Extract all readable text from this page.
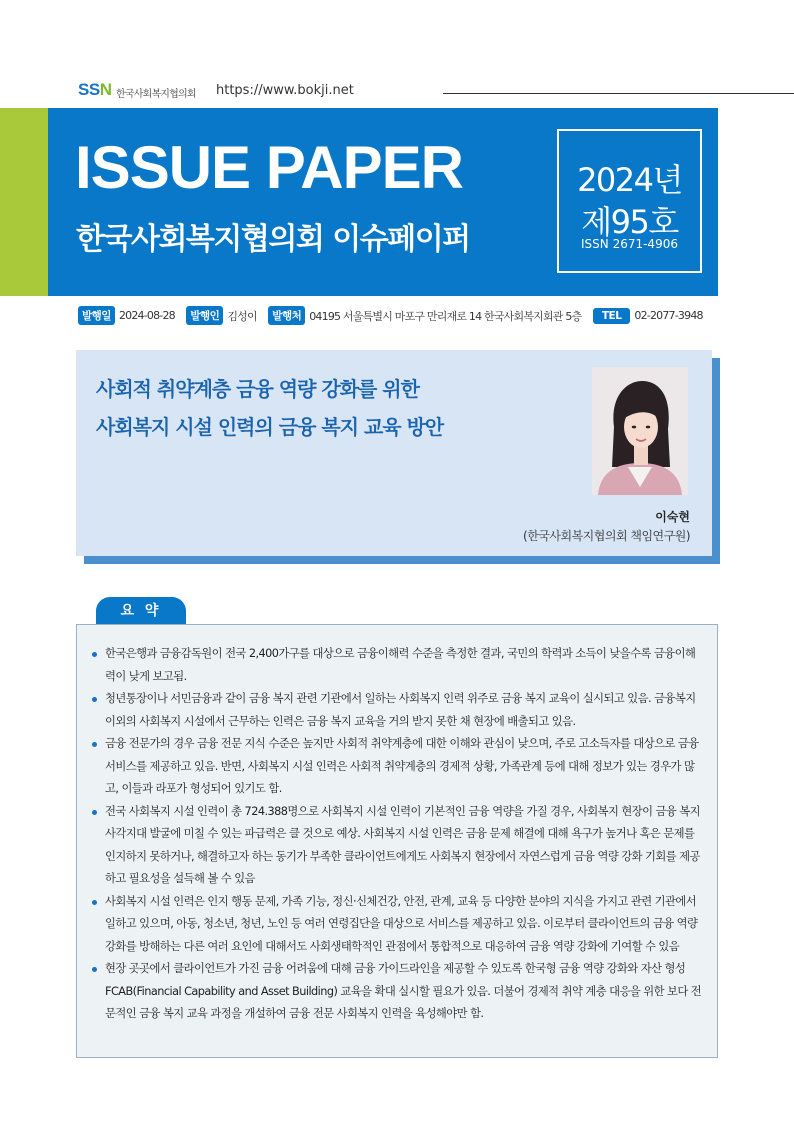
SSN 한국사회복지협의회 https://www.bokji.net
ISSUE PAPER
한국사회복지협의회 이슈페이퍼
2024년
제95호
ISSN 2671-4906
발행일 2024-08-28 발행인 김성이 발행처 04195 서울특별시 마포구 만리재로 14 한국사회복지회관 5층 TEL 02-2077-3948
사회적 취약계층 금융 역량 강화를 위한
사회복지 시설 인력의 금융 복지 교육 방안
이숙현
(한국사회복지협의회 책임연구원)
요 약
한국은행과 금융감독원이 전국 2,400가구를 대상으로 금융이해력 수준을 측정한 결과, 국민의 학력과 소득이 낮을수록 금융이해력이 낮게 보고됨.
청년통장이나 서민금융과 같이 금융 복지 관련 기관에서 일하는 사회복지 인력 위주로 금융 복지 교육이 실시되고 있음. 금융복지 이외의 사회복지 시설에서 근무하는 인력은 금융 복지 교육을 거의 받지 못한 채 현장에 배출되고 있음.
금융 전문가의 경우 금융 전문 지식 수준은 높지만 사회적 취약계층에 대한 이해와 관심이 낮으며, 주로 고소득자를 대상으로 금융 서비스를 제공하고 있음. 반면, 사회복지 시설 인력은 사회적 취약계층의 경제적 상황, 가족관계 등에 대해 정보가 있는 경우가 많고, 이들과 라포가 형성되어 있기도 함.
전국 사회복지 시설 인력이 총 724.388명으로 사회복지 시설 인력이 기본적인 금융 역량을 가질 경우, 사회복지 현장이 금융 복지 사각지대 발굴에 미칠 수 있는 파급력은 클 것으로 예상. 사회복지 시설 인력은 금융 문제 해결에 대해 욕구가 높거나 혹은 문제를 인지하지 못하거나, 해결하고자 하는 동기가 부족한 클라이언트에게도 사회복지 현장에서 자연스럽게 금융 역량 강화 기회를 제공하고 필요성을 설득해 볼 수 있음
사회복지 시설 인력은 인지 행동 문제, 가족 기능, 정신·신체건강, 안전, 관계, 교육 등 다양한 분야의 지식을 가지고 관련 기관에서 일하고 있으며, 아동, 청소년, 청년, 노인 등 여러 연령집단을 대상으로 서비스를 제공하고 있음. 이로부터 클라이언트의 금융 역량 강화를 방해하는 다른 여러 요인에 대해서도 사회생태학적인 관점에서 통합적으로 대응하여 금융 역량 강화에 기여할 수 있음
현장 곳곳에서 클라이언트가 가진 금융 어려움에 대해 금융 가이드라인을 제공할 수 있도록 한국형 금융 역량 강화와 자산 형성 FCAB(Financial Capability and Asset Building) 교육을 확대 실시할 필요가 있음. 더불어 경제적 취약 계층 대응을 위한 보다 전문적인 금융 복지 교육 과정을 개설하여 금융 전문 사회복지 인력을 육성해야만 함.
